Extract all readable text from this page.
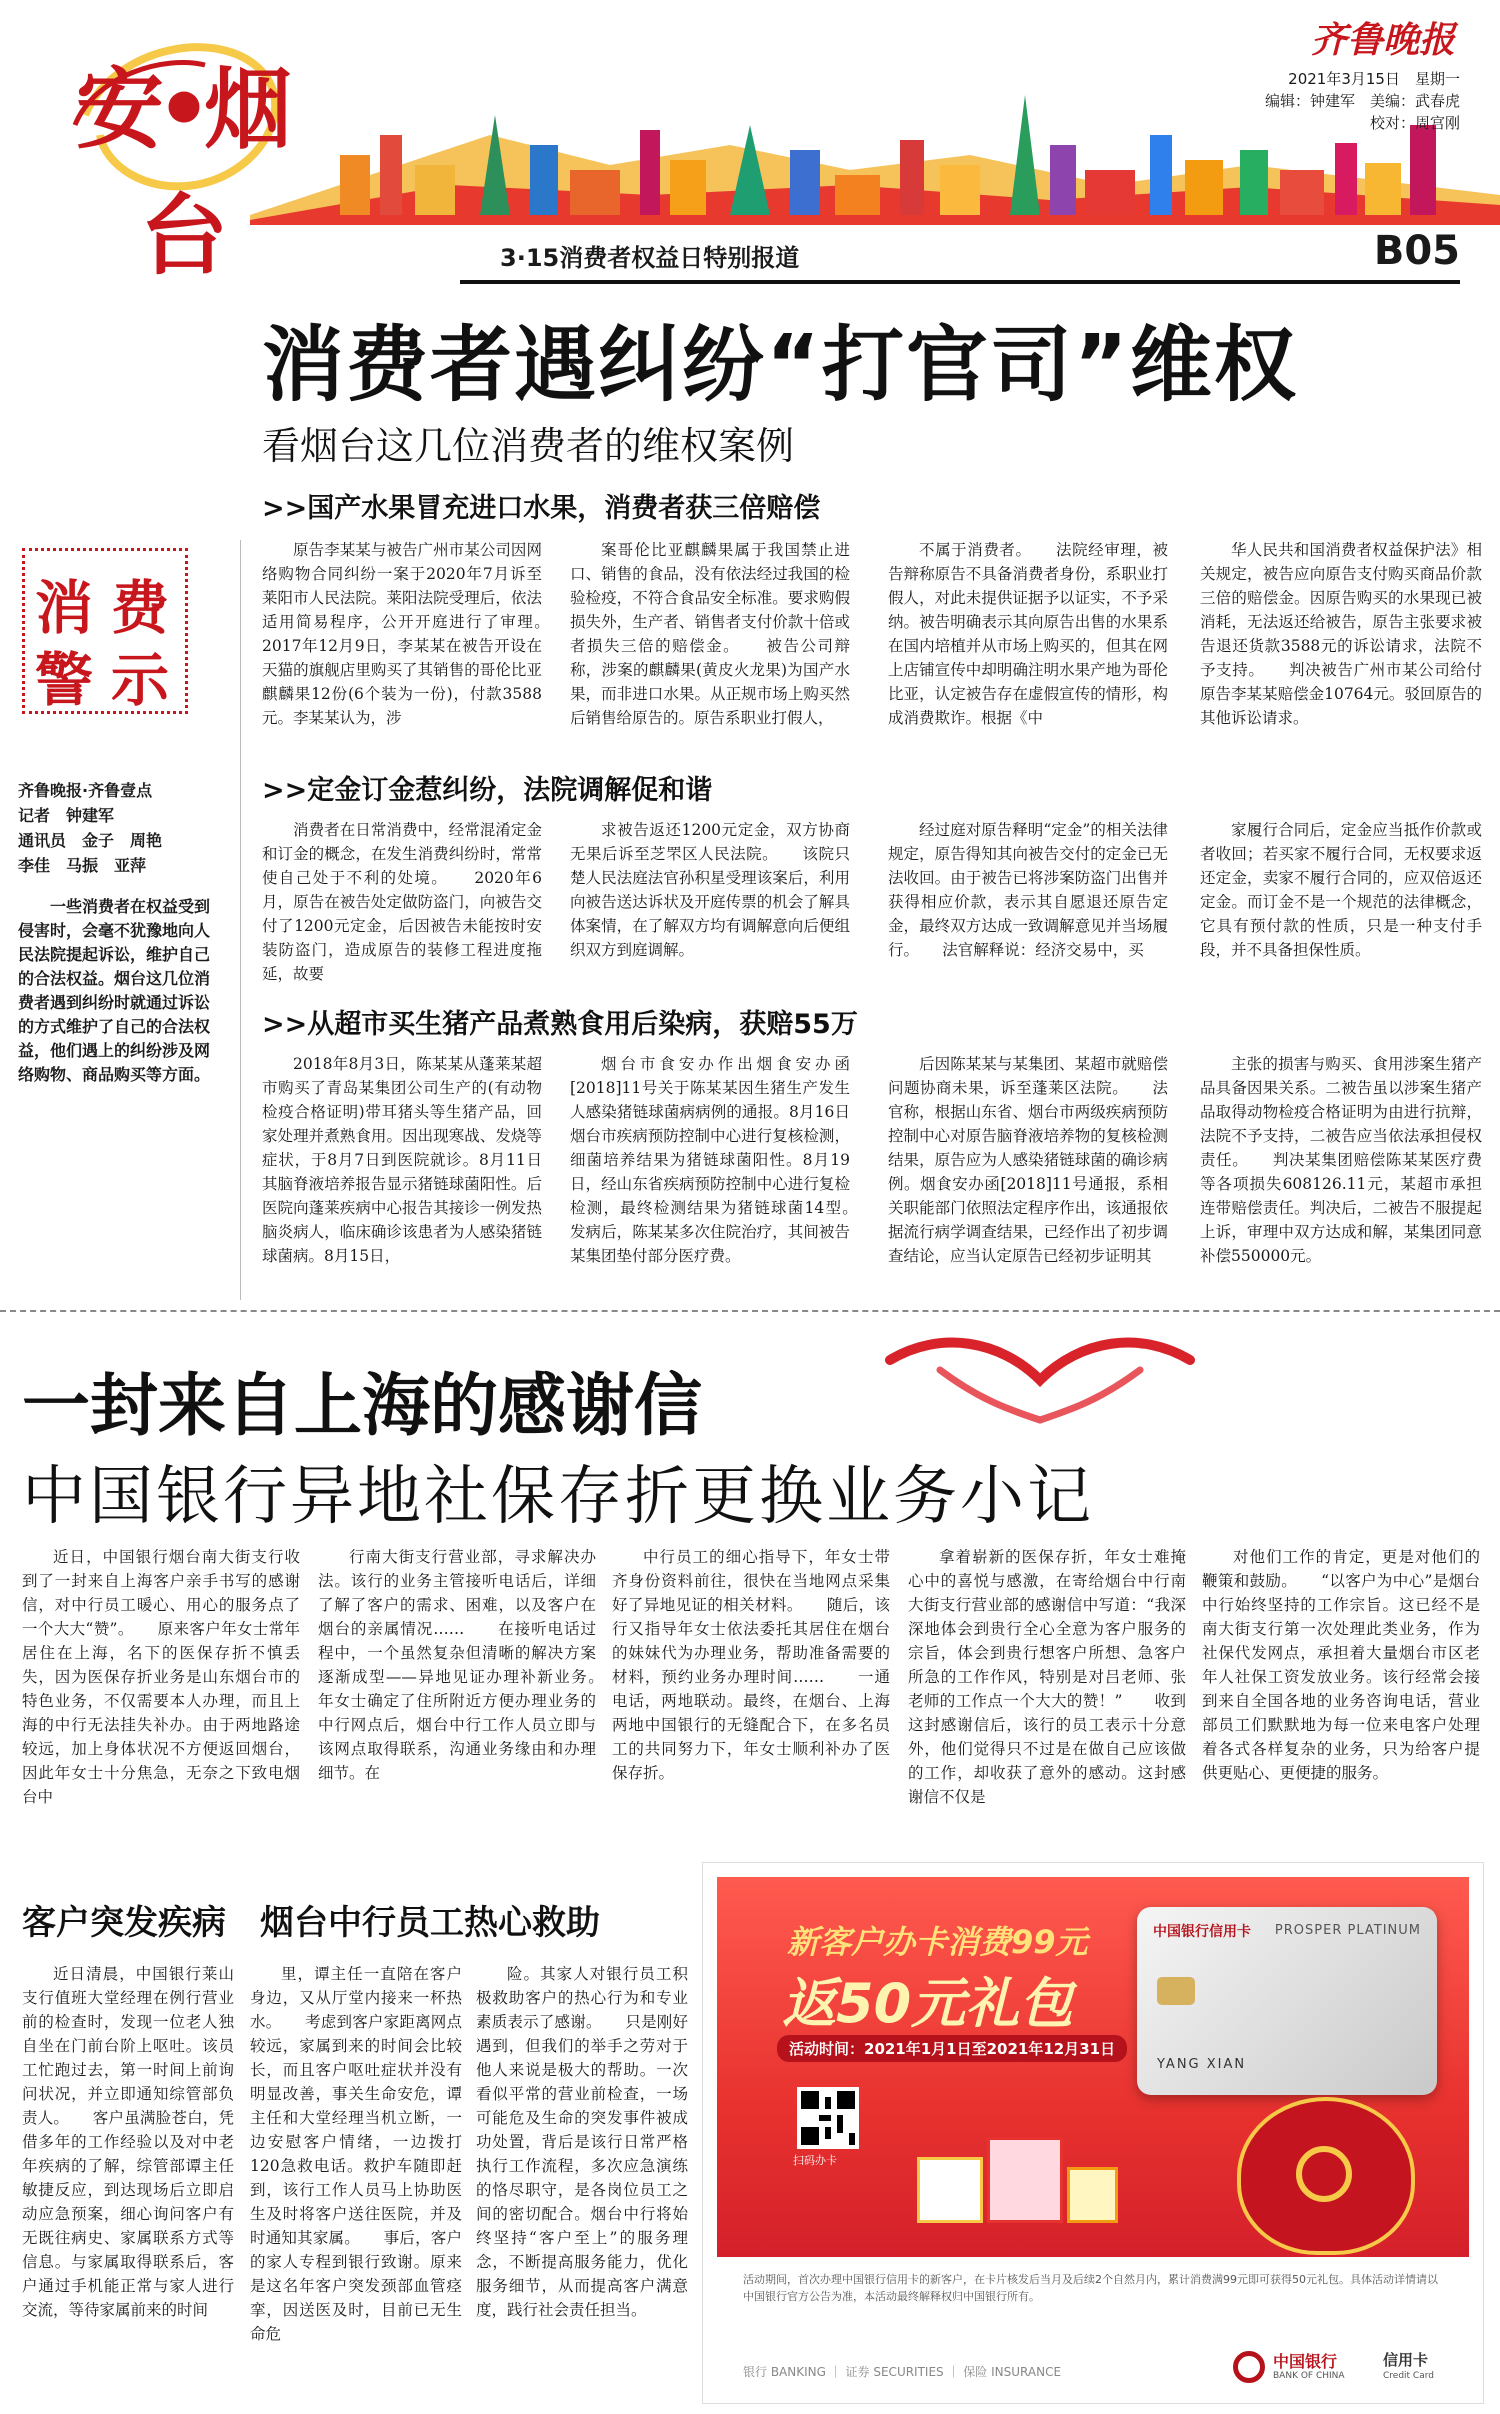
安•烟台
齐鲁晚报
2021年3月15日　 星期一
编辑：钟建军　 美编：武春虎
校对：周宫刚
3·15消费者权益日特别报道	B05
消费者遇纠纷“打官司”维权
看烟台这几位消费者的维权案例
消 费
警 示
齐鲁晚报·齐鲁壹点
记者　钟建军
通讯员　金子　周艳
李佳　马振　亚萍
一些消费者在权益受到侵害时，会毫不犹豫地向人民法院提起诉讼，维护自己的合法权益。烟台这几位消费者遇到纠纷时就通过诉讼的方式维护了自己的合法权益，他们遇上的纠纷涉及网络购物、商品购买等方面。
>>国产水果冒充进口水果，消费者获三倍赔偿

原告李某某与被告广州市某公司因网络购物合同纠纷一案于2020年7月诉至莱阳市人民法院。莱阳法院受理后，依法适用简易程序，公开开庭进行了审理。　　2017年12月9日，李某某在被告开设在天猫的旗舰店里购买了其销售的哥伦比亚麒麟果12份(6个装为一份)，付款3588元。李某某认为，涉

案哥伦比亚麒麟果属于我国禁止进口、销售的食品，没有依法经过我国的检验检疫，不符合食品安全标准。要求购假损失外，生产者、销售者支付价款十倍或者损失三倍的赔偿金。　　被告公司辩称，涉案的麒麟果(黄皮火龙果)为国产水果，而非进口水果。从正规市场上购买然后销售给原告的。原告系职业打假人，

不属于消费者。　　法院经审理，被告辩称原告不具备消费者身份，系职业打假人，对此未提供证据予以证实，不予采纳。被告明确表示其向原告出售的水果系在国内培植并从市场上购买的，但其在网上店铺宣传中却明确注明水果产地为哥伦比亚，认定被告存在虚假宣传的情形，构成消费欺诈。根据《中

华人民共和国消费者权益保护法》相关规定，被告应向原告支付购买商品价款三倍的赔偿金。因原告购买的水果现已被消耗，无法返还给被告，原告主张要求被告退还货款3588元的诉讼请求，法院不予支持。　　判决被告广州市某公司给付原告李某某赔偿金10764元。驳回原告的其他诉讼请求。

>>定金订金惹纠纷，法院调解促和谐

消费者在日常消费中，经常混淆定金和订金的概念，在发生消费纠纷时，常常使自己处于不利的处境。　　2020年6月，原告在被告处定做防盗门，向被告交付了1200元定金，后因被告未能按时安装防盗门，造成原告的装修工程进度拖延，故要

求被告返还1200元定金，双方协商无果后诉至芝罘区人民法院。　　该院只楚人民法庭法官孙积星受理该案后，利用向被告送达诉状及开庭传票的机会了解具体案情，在了解双方均有调解意向后便组织双方到庭调解。

经过庭对原告释明“定金”的相关法律规定，原告得知其向被告交付的定金已无法收回。由于被告已将涉案防盗门出售并获得相应价款，表示其自愿退还原告定金，最终双方达成一致调解意见并当场履行。　　法官解释说：经济交易中，买

家履行合同后，定金应当抵作价款或者收回；若买家不履行合同，无权要求返还定金，卖家不履行合同的，应双倍返还定金。而订金不是一个规范的法律概念，它具有预付款的性质，只是一种支付手段，并不具备担保性质。

>>从超市买生猪产品煮熟食用后染病，获赔55万

2018年8月3日，陈某某从蓬莱某超市购买了青岛某集团公司生产的(有动物检疫合格证明)带耳猪头等生猪产品，回家处理并煮熟食用。因出现寒战、发烧等症状，于8月7日到医院就诊。8月11日其脑脊液培养报告显示猪链球菌阳性。后医院向蓬莱疾病中心报告其接诊一例发热脑炎病人，临床确诊该患者为人感染猪链球菌病。8月15日，

烟台市食安办作出烟食安办函[2018]11号关于陈某某因生猪生产发生人感染猪链球菌病病例的通报。8月16日烟台市疾病预防控制中心进行复核检测，细菌培养结果为猪链球菌阳性。8月19日，经山东省疾病预防控制中心进行复检检测，最终检测结果为猪链球菌14型。　　发病后，陈某某多次住院治疗，其间被告某集团垫付部分医疗费。

后因陈某某与某集团、某超市就赔偿问题协商未果，诉至蓬莱区法院。　　法官称，根据山东省、烟台市两级疾病预防控制中心对原告脑脊液培养物的复核检测结果，原告应为人感染猪链球菌的确诊病例。烟食安办函[2018]11号通报，系相关职能部门依照法定程序作出，该通报依据流行病学调查结果，已经作出了初步调查结论，应当认定原告已经初步证明其

主张的损害与购买、食用涉案生猪产品具备因果关系。二被告虽以涉案生猪产品取得动物检疫合格证明为由进行抗辩，法院不予支持，二被告应当依法承担侵权责任。　　判决某集团赔偿陈某某医疗费等各项损失608126.11元，某超市承担连带赔偿责任。判决后，二被告不服提起上诉，审理中双方达成和解，某集团同意补偿550000元。

一封来自上海的感谢信
中国银行异地社保存折更换业务小记

近日，中国银行烟台南大街支行收到了一封来自上海客户亲手书写的感谢信，对中行员工暖心、用心的服务点了一个大大“赞”。　　原来客户年女士常年居住在上海，名下的医保存折不慎丢失，因为医保存折业务是山东烟台市的特色业务，不仅需要本人办理，而且上海的中行无法挂失补办。由于两地路途较远，加上身体状况不方便返回烟台，因此年女士十分焦急，无奈之下致电烟台中

行南大街支行营业部，寻求解决办法。该行的业务主管接听电话后，详细了解了客户的需求、困难，以及客户在烟台的亲属情况……　　在接听电话过程中，一个虽然复杂但清晰的解决方案逐渐成型——异地见证办理补新业务。　　年女士确定了住所附近方便办理业务的中行网点后，烟台中行工作人员立即与该网点取得联系，沟通业务缘由和办理细节。在

中行员工的细心指导下，年女士带齐身份资料前往，很快在当地网点采集好了异地见证的相关材料。　　随后，该行又指导年女士依法委托其居住在烟台的妹妹代为办理业务，帮助准备需要的材料，预约业务办理时间……　　一通电话，两地联动。最终，在烟台、上海两地中国银行的无缝配合下，在多名员工的共同努力下，年女士顺利补办了医保存折。

拿着崭新的医保存折，年女士难掩心中的喜悦与感激，在寄给烟台中行南大街支行营业部的感谢信中写道：“我深深地体会到贵行全心全意为客户服务的宗旨，体会到贵行想客户所想、急客户所急的工作作风，特别是对吕老师、张老师的工作点一个大大的赞！”　　收到这封感谢信后，该行的员工表示十分意外，他们觉得只不过是在做自己应该做的工作，却收获了意外的感动。这封感谢信不仅是

对他们工作的肯定，更是对他们的鞭策和鼓励。　　“以客户为中心”是烟台中行始终坚持的工作宗旨。这已经不是南大街支行第一次处理此类业务，作为社保代发网点，承担着大量烟台市区老年人社保工资发放业务。该行经常会接到来自全国各地的业务咨询电话，营业部员工们默默地为每一位来电客户处理着各式各样复杂的业务，只为给客户提供更贴心、更便捷的服务。

客户突发疾病　烟台中行员工热心救助

近日清晨，中国银行莱山支行值班大堂经理在例行营业前的检查时，发现一位老人独自坐在门前台阶上呕吐。该员工忙跑过去，第一时间上前询问状况，并立即通知综管部负责人。　　客户虽满脸苍白，凭借多年的工作经验以及对中老年疾病的了解，综管部谭主任敏捷反应，到达现场后立即启动应急预案，细心询问客户有无既往病史、家属联系方式等信息。与家属取得联系后，客户通过手机能正常与家人进行交流，等待家属前来的时间

里，谭主任一直陪在客户身边，又从厅堂内接来一杯热水。　　考虑到客户家距离网点较远，家属到来的时间会比较长，而且客户呕吐症状并没有明显改善，事关生命安危，谭主任和大堂经理当机立断，一边安慰客户情绪，一边拨打120急救电话。救护车随即赶到，该行工作人员马上协助医生及时将客户送往医院，并及时通知其家属。　　事后，客户的家人专程到银行致谢。原来是这名年客户突发颈部血管痉挛，因送医及时，目前已无生命危

险。其家人对银行员工积极救助客户的热心行为和专业素质表示了感谢。　　只是刚好遇到，但我们的举手之劳对于他人来说是极大的帮助。一次看似平常的营业前检查，一场可能危及生命的突发事件被成功处置，背后是该行日常严格执行工作流程，多次应急演练的恪尽职守，是各岗位员工之间的密切配合。烟台中行将始终坚持“客户至上”的服务理念，不断提高服务能力，优化服务细节，从而提高客户满意度，践行社会责任担当。

新客户办卡消费99元
返50元礼包
活动时间：2021年1月1日至2021年12月31日
扫码办卡
中国银行信用卡 PROSPER PLATINUM
YANG XIAN
活动期间，首次办理中国银行信用卡的新客户，在卡片核发后当月及后续2个自然月内，累计消费满99元即可获得50元礼包。具体活动详情请以中国银行官方公告为准，本活动最终解释权归中国银行所有。
银行 BANKING ｜ 证券 SECURITIES ｜ 保险 INSURANCE
中国银行
BANK OF CHINA
信用卡
Credit Card
